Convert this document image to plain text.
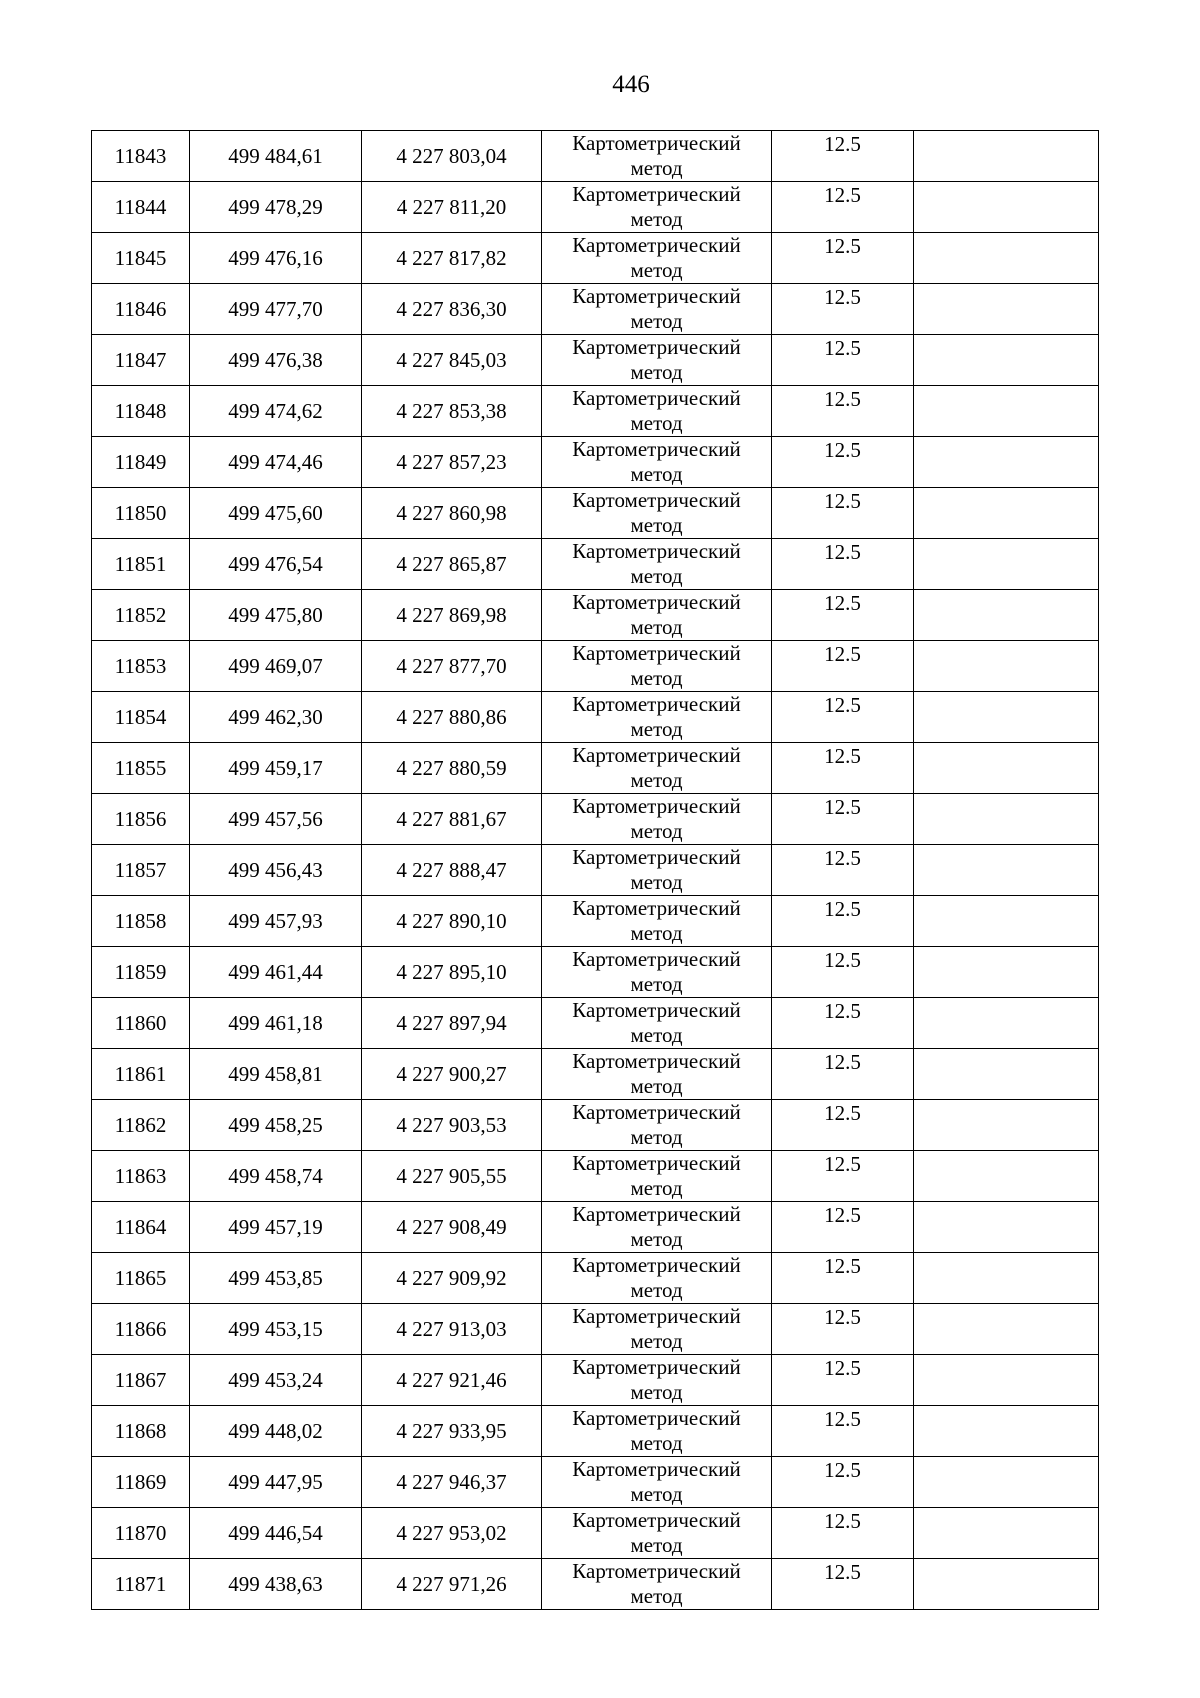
446
11843	499 484,61	4 227 803,04	Картометрический
метод	12.5	
11844	499 478,29	4 227 811,20	Картометрический
метод	12.5	
11845	499 476,16	4 227 817,82	Картометрический
метод	12.5	
11846	499 477,70	4 227 836,30	Картометрический
метод	12.5	
11847	499 476,38	4 227 845,03	Картометрический
метод	12.5	
11848	499 474,62	4 227 853,38	Картометрический
метод	12.5	
11849	499 474,46	4 227 857,23	Картометрический
метод	12.5	
11850	499 475,60	4 227 860,98	Картометрический
метод	12.5	
11851	499 476,54	4 227 865,87	Картометрический
метод	12.5	
11852	499 475,80	4 227 869,98	Картометрический
метод	12.5	
11853	499 469,07	4 227 877,70	Картометрический
метод	12.5	
11854	499 462,30	4 227 880,86	Картометрический
метод	12.5	
11855	499 459,17	4 227 880,59	Картометрический
метод	12.5	
11856	499 457,56	4 227 881,67	Картометрический
метод	12.5	
11857	499 456,43	4 227 888,47	Картометрический
метод	12.5	
11858	499 457,93	4 227 890,10	Картометрический
метод	12.5	
11859	499 461,44	4 227 895,10	Картометрический
метод	12.5	
11860	499 461,18	4 227 897,94	Картометрический
метод	12.5	
11861	499 458,81	4 227 900,27	Картометрический
метод	12.5	
11862	499 458,25	4 227 903,53	Картометрический
метод	12.5	
11863	499 458,74	4 227 905,55	Картометрический
метод	12.5	
11864	499 457,19	4 227 908,49	Картометрический
метод	12.5	
11865	499 453,85	4 227 909,92	Картометрический
метод	12.5	
11866	499 453,15	4 227 913,03	Картометрический
метод	12.5	
11867	499 453,24	4 227 921,46	Картометрический
метод	12.5	
11868	499 448,02	4 227 933,95	Картометрический
метод	12.5	
11869	499 447,95	4 227 946,37	Картометрический
метод	12.5	
11870	499 446,54	4 227 953,02	Картометрический
метод	12.5	
11871	499 438,63	4 227 971,26	Картометрический
метод	12.5	
